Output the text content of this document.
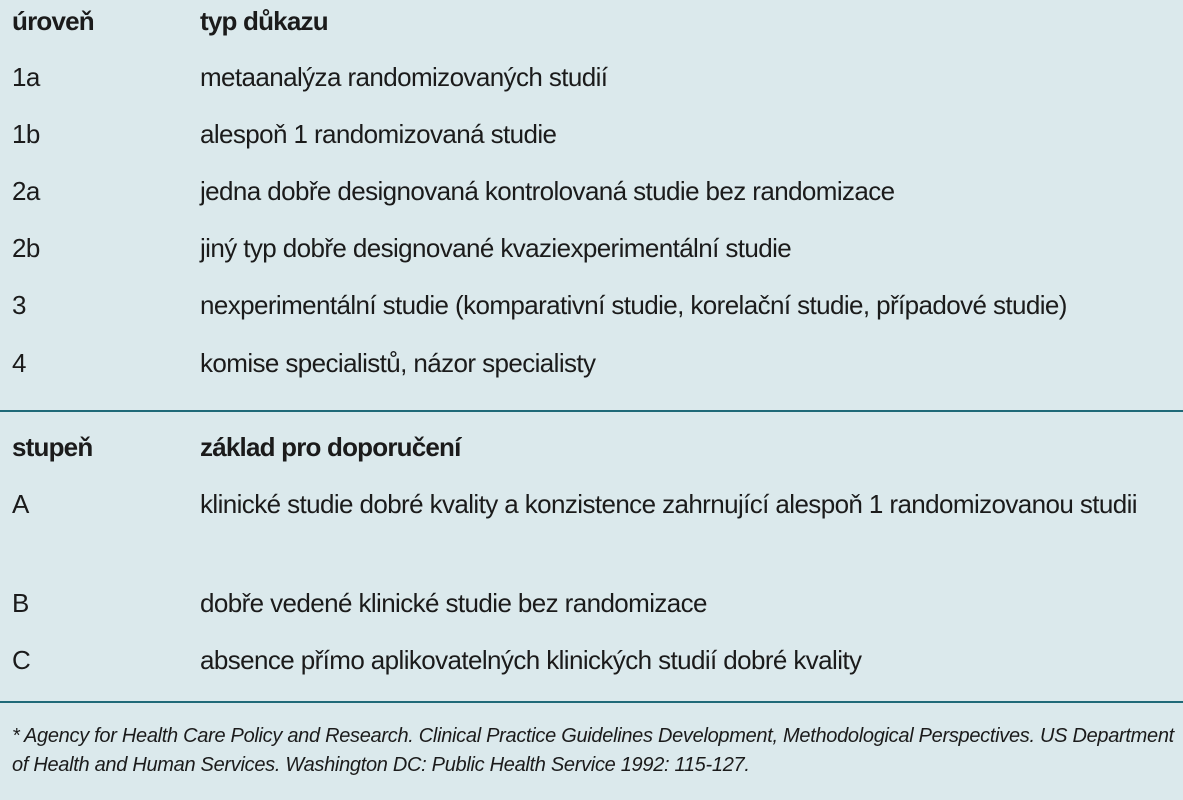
úroveň	typ důkazu
1a	metaanalýza randomizovaných studií
1b	alespoň 1 randomizovaná studie
2a	jedna dobře designovaná kontrolovaná studie bez randomizace
2b	jiný typ dobře designované kvaziexperimentální studie
3	nexperimentální studie (komparativní studie, korelační studie, případové studie)
4	komise specialistů, názor specialisty
stupeň	základ pro doporučení
A	klinické studie dobré kvality a konzistence zahrnující alespoň 1 randomizovanou studii
B	dobře vedené klinické studie bez randomizace
C	absence přímo aplikovatelných klinických studií dobré kvality
* Agency for Health Care Policy and Research. Clinical Practice Guidelines Development, Methodological Perspectives. US Department of Health and Human Services. Washington DC: Public Health Service 1992: 115-127.
